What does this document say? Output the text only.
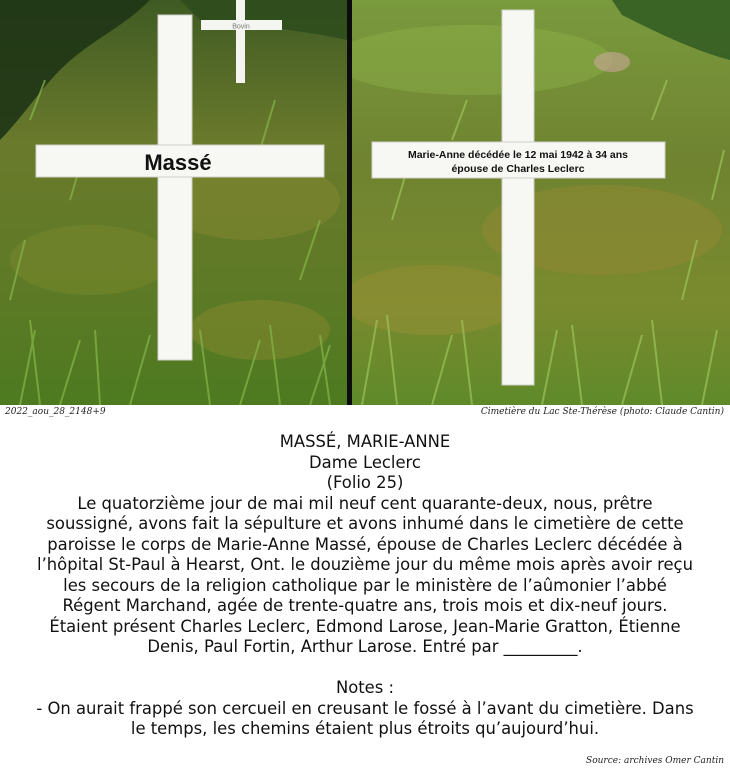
Bovin
Massé	Marie-Anne décédée le 12 mai 1942 à 34 ans
épouse de Charles Leclerc
2022_aou_28_2148+9	Cimetière du Lac Ste-Thérèse (photo: Claude Cantin)
MASSÉ, MARIE-ANNE
Dame Leclerc
(Folio 25)
Le quatorzième jour de mai mil neuf cent quarante-deux, nous, prêtre
soussigné, avons fait la sépulture et avons inhumé dans le cimetière de cette
paroisse le corps de Marie-Anne Massé, épouse de Charles Leclerc décédée à
l’hôpital St-Paul à Hearst, Ont. le douzième jour du même mois après avoir reçu
les secours de la religion catholique par le ministère de l’aûmonier l’abbé
Régent Marchand, agée de trente-quatre ans, trois mois et dix-neuf jours.
Étaient présent Charles Leclerc, Edmond Larose, Jean-Marie Gratton, Étienne
Denis, Paul Fortin, Arthur Larose. Entré par _________.
Notes :
- On aurait frappé son cercueil en creusant le fossé à l’avant du cimetière. Dans
le temps, les chemins étaient plus étroits qu’aujourd’hui.
Source: archives Omer Cantin
